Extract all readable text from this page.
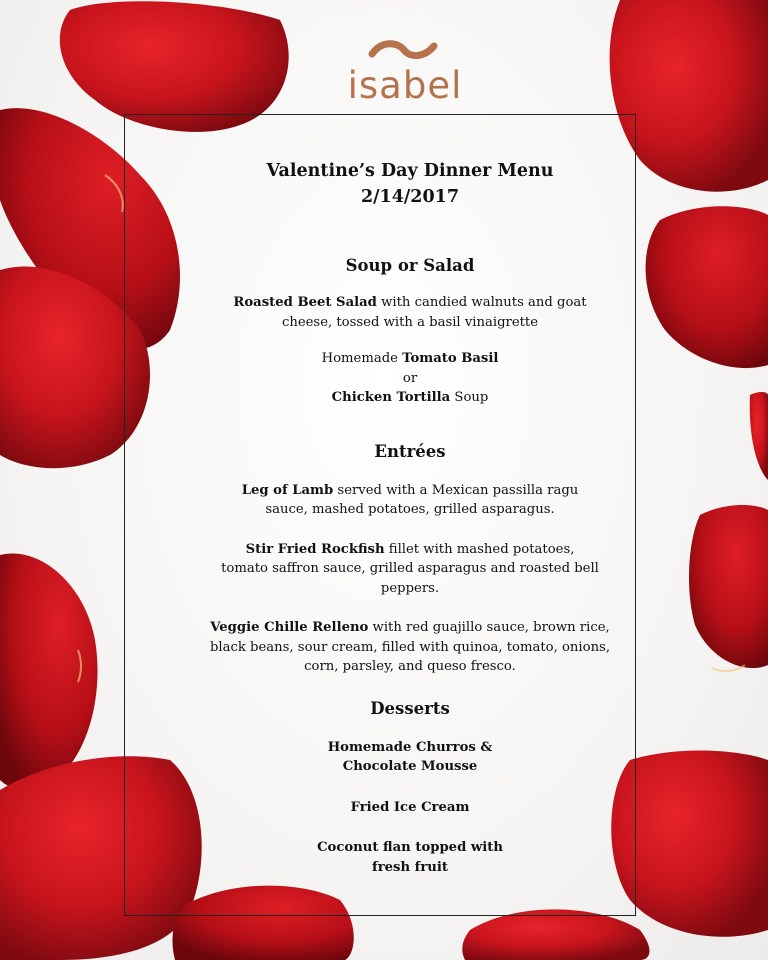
isabel

Valentine’s Day Dinner Menu

2/14/2017

Soup or Salad

Roasted Beet Salad with candied walnuts and goat
cheese, tossed with a basil vinaigrette

Homemade Tomato Basil
or
Chicken Tortilla Soup

Entrées

Leg of Lamb served with a Mexican passilla ragu
sauce, mashed potatoes, grilled asparagus.

Stir Fried Rockfish fillet with mashed potatoes,
tomato saffron sauce, grilled asparagus and roasted bell
peppers.

Veggie Chille Relleno with red guajillo sauce, brown rice,
black beans, sour cream, filled with quinoa, tomato, onions,
corn, parsley, and queso fresco.

Desserts

Homemade Churros &
Chocolate Mousse

Fried Ice Cream

Coconut flan topped with
fresh fruit
